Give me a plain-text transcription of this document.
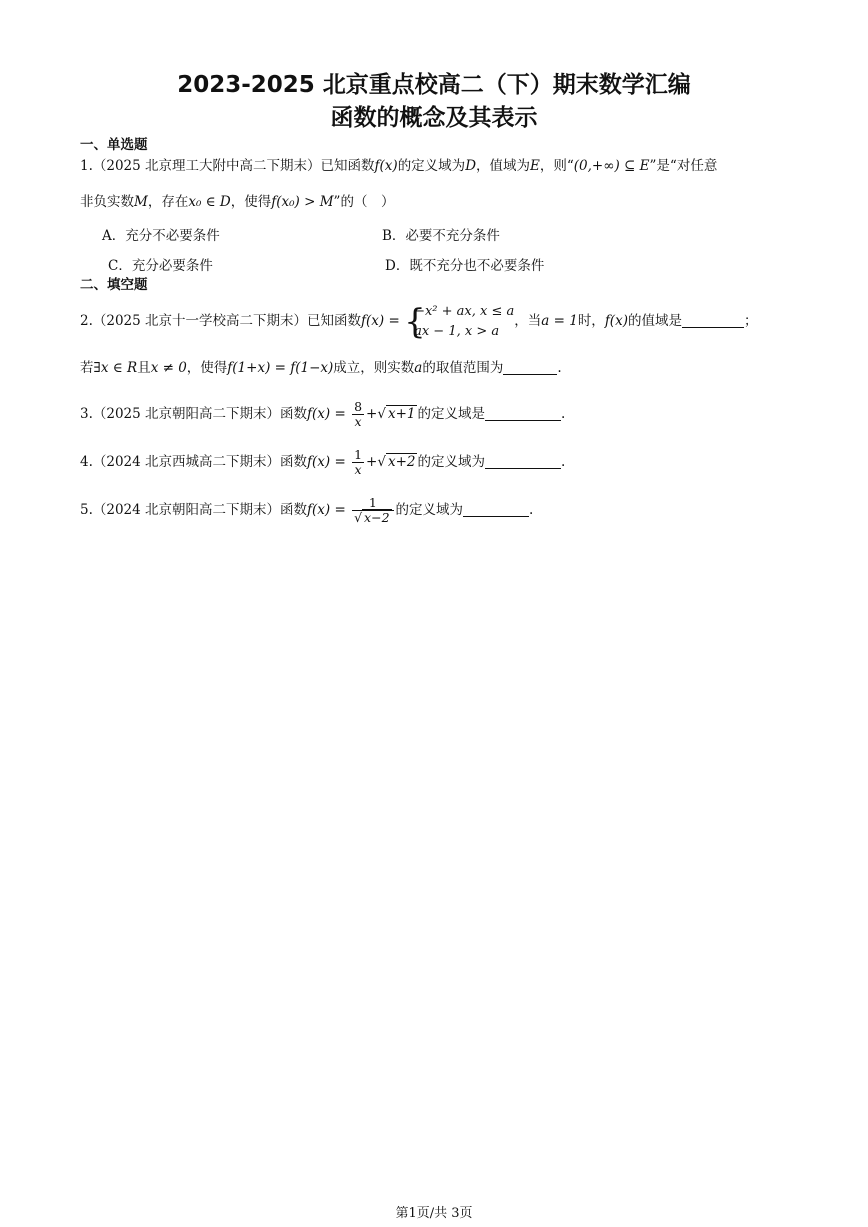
2023-2025 北京重点校高二（下）期末数学汇编
函数的概念及其表示
一、单选题
1.（2025 北京理工大附中高二下期末）已知函数f(x)的定义域为D，值域为E，则“(0,+∞) ⊆ E”是“对任意
非负实数M，存在x₀ ∈ D，使得f(x₀) > M”的（　）
A．充分不必要条件	B．必要不充分条件
C．充分必要条件	D．既不充分也不必要条件
二、填空题
2.（2025 北京十一学校高二下期末）已知函数f(x) = {
−x² + ax, x ≤ a
ax − 1, x > a
，当a = 1时，f(x)的值域是	；
若∃x ∈ R且x ≠ 0，使得f(1+x) = f(1−x)成立，则实数a的取值范围为	.
3.（2025 北京朝阳高二下期末）函数$f(x) = \frac{8}{x}$ +√ x+1 的定义域是	.
4.（2024 北京西城高二下期末）函数$f(x) = \frac{1}{x}$ +√ x+2 的定义域为	.
5.（2024 北京朝阳高二下期末）函数$f(x) = \frac{1}{√ x-2}$ 的定义域为	.
第1页/共 3页
